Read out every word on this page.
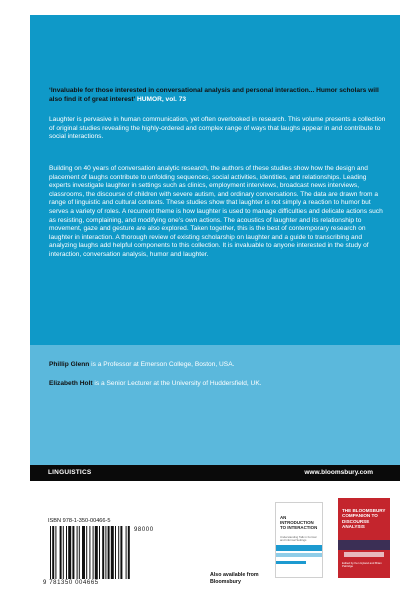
‘Invaluable for those interested in conversational analysis and personal interaction... Humor scholars will also find it of great interest’ HUMOR, vol. 73

Laughter is pervasive in human communication, yet often overlooked in research. This volume presents a collection of original studies revealing the highly-ordered and complex range of ways that laughs appear in and contribute to social interactions.

Building on 40 years of conversation analytic research, the authors of these studies show how the design and placement of laughs contribute to unfolding sequences, social activities, identities, and relationships. Leading experts investigate laughter in settings such as clinics, employment interviews, broadcast news interviews, classrooms, the discourse of children with severe autism, and ordinary conversations. The data are drawn from a range of linguistic and cultural contexts. These studies show that laughter is not simply a reaction to humor but serves a variety of roles. A recurrent theme is how laughter is used to manage difficulties and delicate actions such as resisting, complaining, and modifying one’s own actions. The acoustics of laughter and its relationship to movement, gaze and gesture are also explored. Taken together, this is the best of contemporary research on laughter in interaction. A thorough review of existing scholarship on laughter and a guide to transcribing and analyzing laughs add helpful components to this collection. It is invaluable to anyone interested in the study of interaction, conversation analysis, humor and laughter.

Phillip Glenn is a Professor at Emerson College, Boston, USA.

Elizabeth Holt is a Senior Lecturer at the University of Huddersfield, UK.

LINGUISTICS	www.bloomsbury.com
ISBN 978-1-350-00466-5
98000
9 781350 004665

Also available from Bloomsbury

AN INTRODUCTION TO INTERACTION
Understanding Talk in Formal and Informal Settings
THE BLOOMSBURY COMPANION TO DISCOURSE ANALYSIS
Edited by Ken Hyland and Brian Paltridge
